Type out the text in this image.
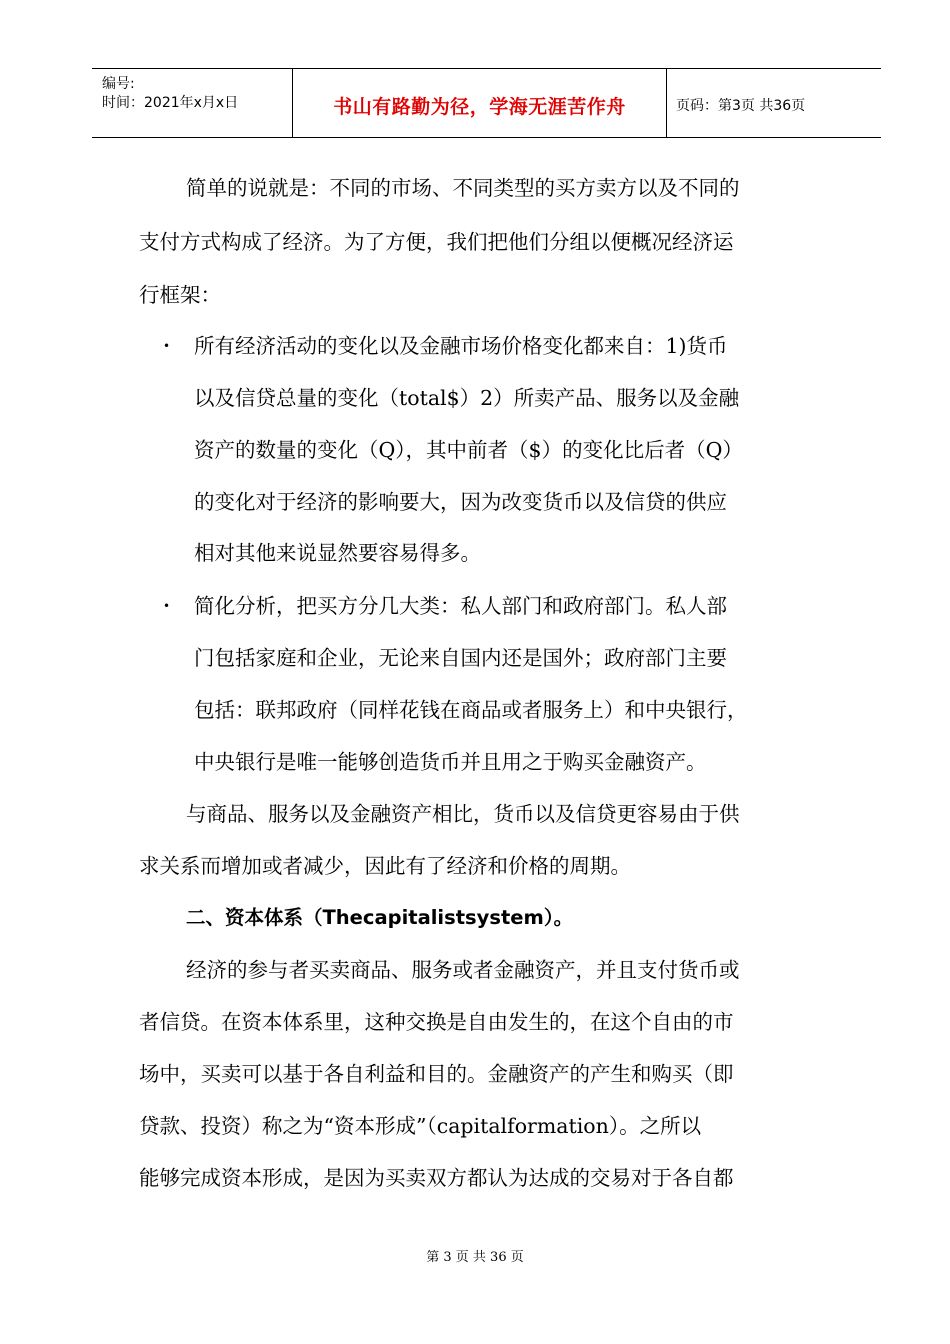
编号:
时间：2021年x月x日	书山有路勤为径，学海无涯苦作舟	页码：第3页 共36页
简单的说就是：不同的市场、不同类型的买方卖方以及不同的
支付方式构成了经济。为了方便，我们把他们分组以便概况经济运
行框架：
• 所有经济活动的变化以及金融市场价格变化都来自：1)货币
以及信贷总量的变化（total$）2）所卖产品、服务以及金融
资产的数量的变化（Q），其中前者（$）的变化比后者（Q）
的变化对于经济的影响要大，因为改变货币以及信贷的供应
相对其他来说显然要容易得多。
• 简化分析，把买方分几大类：私人部门和政府部门。私人部
门包括家庭和企业，无论来自国内还是国外；政府部门主要
包括：联邦政府（同样花钱在商品或者服务上）和中央银行，
中央银行是唯一能够创造货币并且用之于购买金融资产。
与商品、服务以及金融资产相比，货币以及信贷更容易由于供
求关系而增加或者减少，因此有了经济和价格的周期。
二、资本体系（Thecapitalistsystem）。
经济的参与者买卖商品、服务或者金融资产，并且支付货币或
者信贷。在资本体系里，这种交换是自由发生的，在这个自由的市
场中，买卖可以基于各自利益和目的。金融资产的产生和购买（即
贷款、投资）称之为“资本形成”（capitalformation）。之所以
能够完成资本形成，是因为买卖双方都认为达成的交易对于各自都
第 3 页 共 36 页
